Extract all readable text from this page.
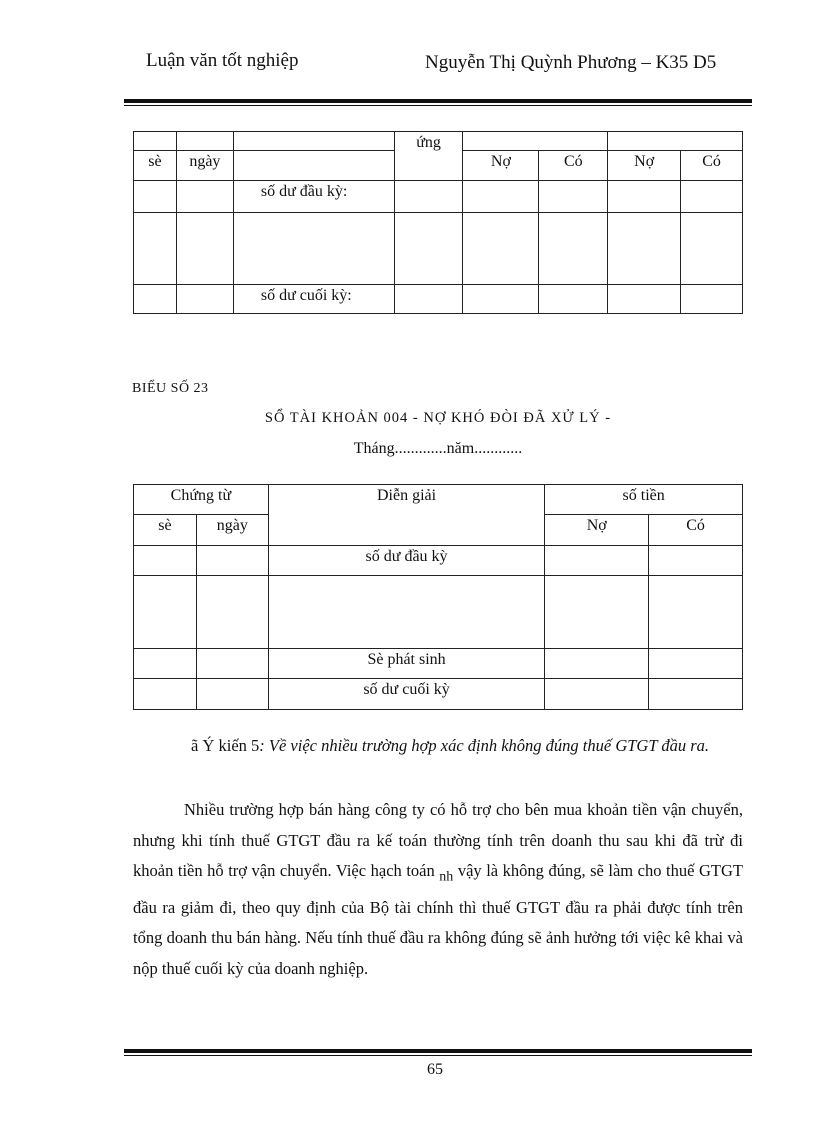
Luận văn tốt nghiệp	Nguyễn Thị Quỳnh Phương – K35 D5
			ứng				
sè	ngày			Nợ	Có	Nợ	Có
		số dư đầu kỳ:					

		số dư cuối kỳ:					
BIỂU SỐ 23
SỔ TÀI KHOẢN 004 - NỢ KHÓ ĐÒI ĐÃ XỬ LÝ -
Tháng.............năm............
Chứng từ		Diễn giải	số tiền	
sè	ngày		Nợ	Có
		số dư đầu kỳ		

		Sè phát sinh		
		số dư cuối kỳ		
ã Ý kiến 5: Về việc nhiều trường hợp xác định không đúng thuế GTGT đầu ra.
Nhiều trường hợp bán hàng công ty có hỗ trợ cho bên mua khoản tiền vận chuyển, nhưng khi tính thuế GTGT đầu ra kế toán thường tính trên doanh thu sau khi đã trừ đi khoản tiền hỗ trợ vận chuyển. Việc hạch toán $_{nh}$ vậy là không đúng, sẽ làm cho thuế GTGT đầu ra giảm đi, theo quy định của Bộ tài chính thì thuế GTGT đầu ra phải được tính trên tổng doanh thu bán hàng. Nếu tính thuế đầu ra không đúng sẽ ảnh hưởng tới việc kê khai và nộp thuế cuối kỳ của doanh nghiệp.
65
